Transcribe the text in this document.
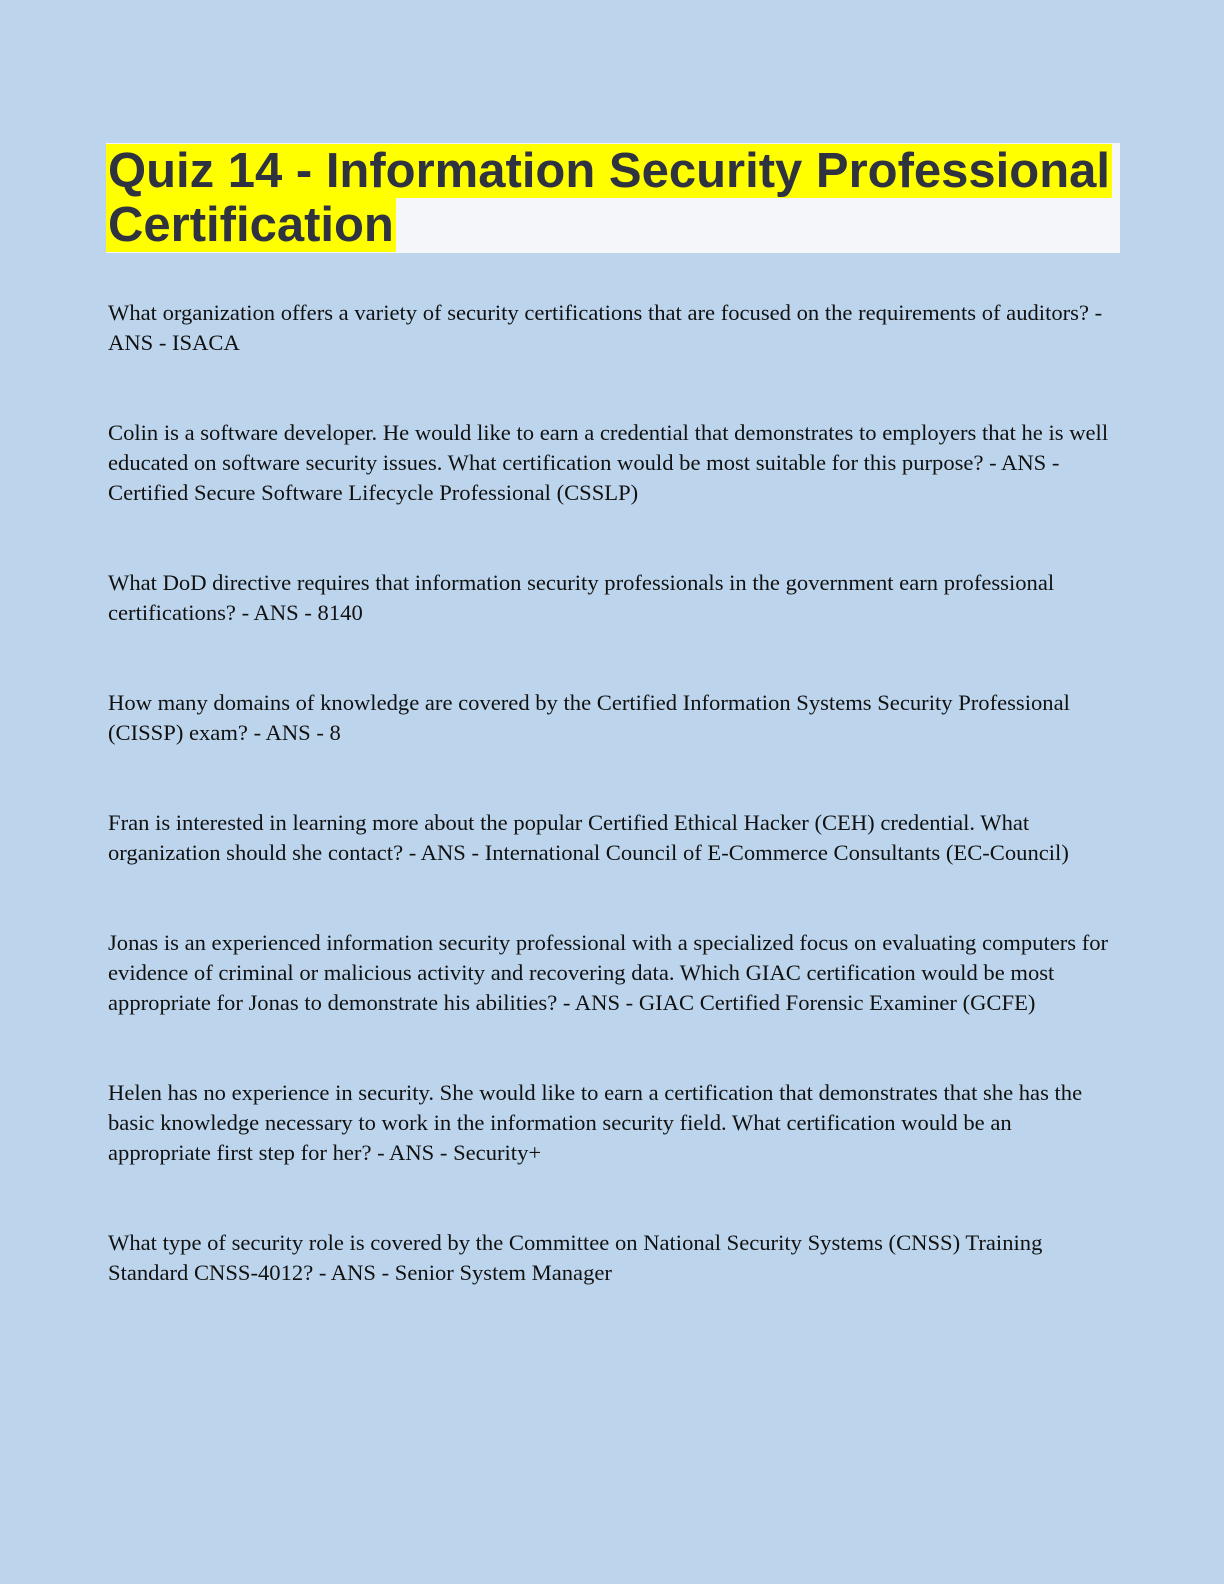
Quiz 14 - Information Security Professional Certification
What organization offers a variety of security certifications that are focused on the requirements of auditors? - ANS - ISACA
Colin is a software developer. He would like to earn a credential that demonstrates to employers that he is well educated on software security issues. What certification would be most suitable for this purpose? - ANS - Certified Secure Software Lifecycle Professional (CSSLP)
What DoD directive requires that information security professionals in the government earn professional certifications? - ANS - 8140
How many domains of knowledge are covered by the Certified Information Systems Security Professional (CISSP) exam? - ANS - 8
Fran is interested in learning more about the popular Certified Ethical Hacker (CEH) credential. What organization should she contact? - ANS - International Council of E-Commerce Consultants (EC-Council)
Jonas is an experienced information security professional with a specialized focus on evaluating computers for evidence of criminal or malicious activity and recovering data. Which GIAC certification would be most appropriate for Jonas to demonstrate his abilities? - ANS - GIAC Certified Forensic Examiner (GCFE)
Helen has no experience in security. She would like to earn a certification that demonstrates that she has the basic knowledge necessary to work in the information security field. What certification would be an appropriate first step for her? - ANS - Security+
What type of security role is covered by the Committee on National Security Systems (CNSS) Training Standard CNSS-4012? - ANS - Senior System Manager
